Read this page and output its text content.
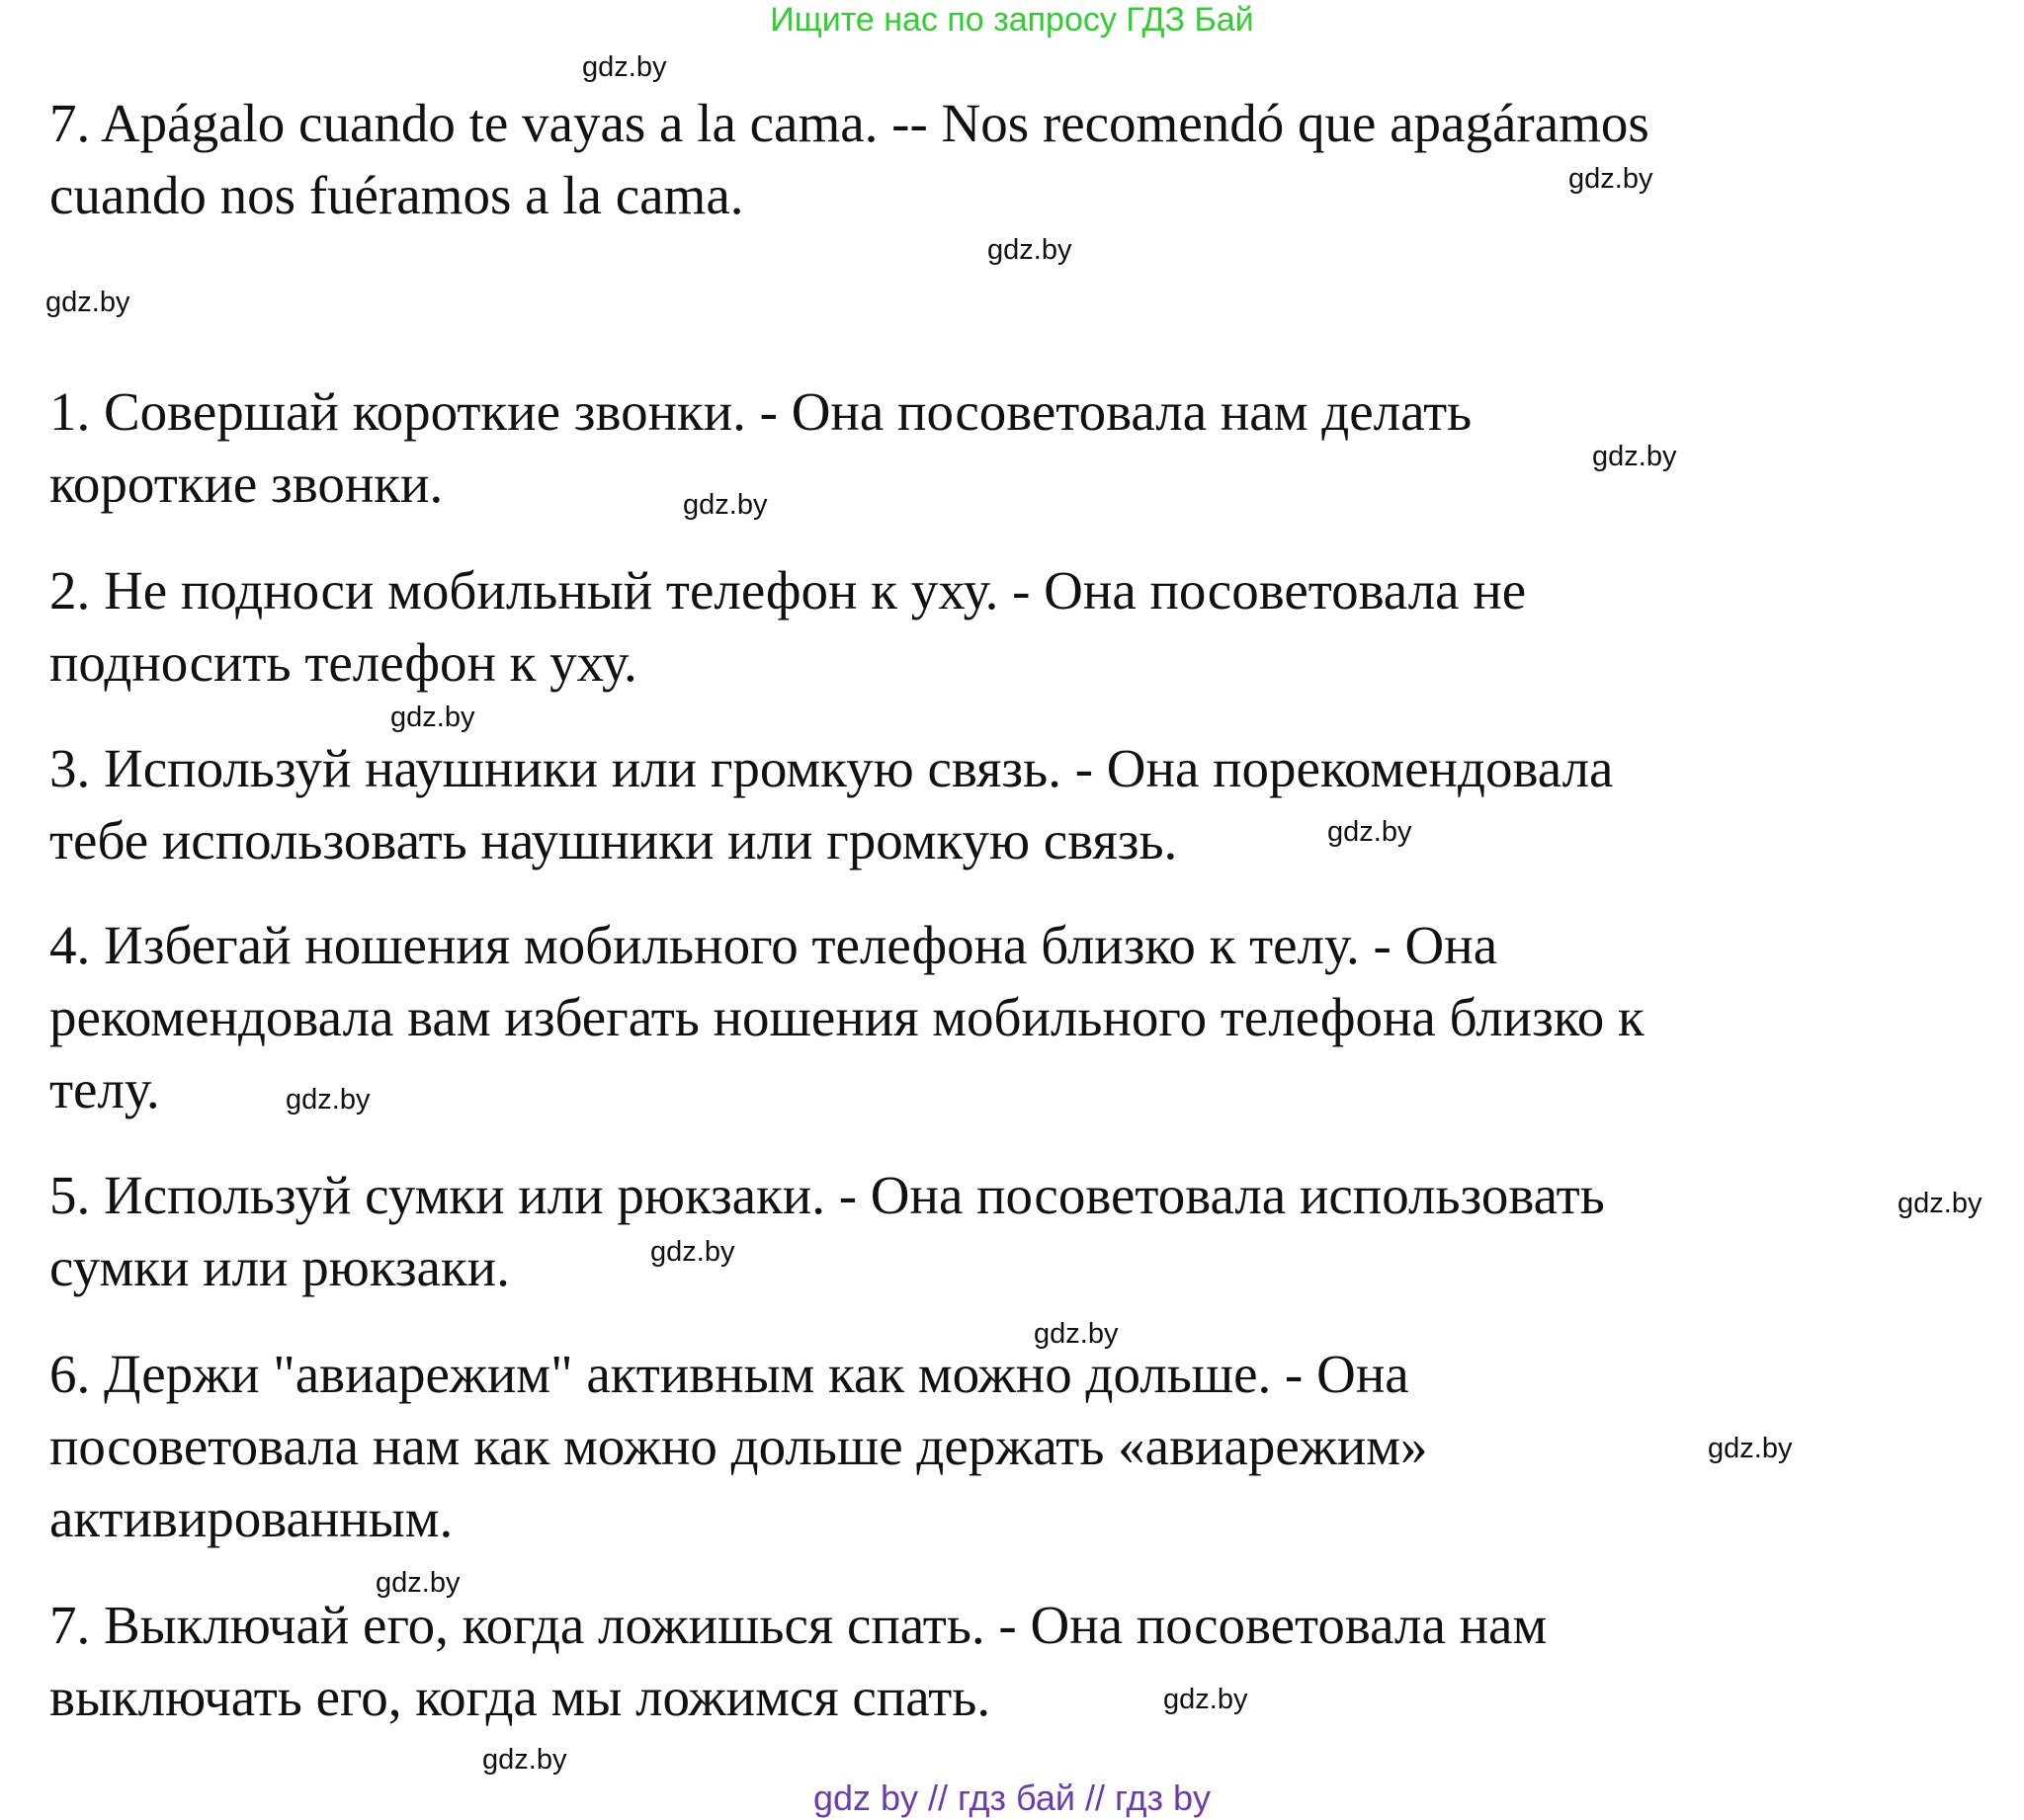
Ищите нас по запросу ГДЗ Бай
7. Apágalo cuando te vayas a la cama. -- Nos recomendó que apagáramos
cuando nos fuéramos a la cama.
1. Совершай короткие звонки. - Она посоветовала нам делать
короткие звонки.
2. Не подноси мобильный телефон к уху. - Она посоветовала не
подносить телефон к уху.
3. Используй наушники или громкую связь. - Она порекомендовала
тебе использовать наушники или громкую связь.
4. Избегай ношения мобильного телефона близко к телу. - Она
рекомендовала вам избегать ношения мобильного телефона близко к
телу.
5. Используй сумки или рюкзаки. - Она посоветовала использовать
сумки или рюкзаки.
6. Держи "авиарежим" активным как можно дольше. - Она
посоветовала нам как можно дольше держать «авиарежим»
активированным.
7. Выключай его, когда ложишься спать. - Она посоветовала нам
выключать его, когда мы ложимся спать.
gdz.by
gdz.by
gdz.by
gdz.by
gdz.by
gdz.by
gdz.by
gdz.by
gdz.by
gdz.by
gdz.by
gdz.by
gdz.by
gdz.by
gdz.by
gdz.by
gdz by // гдз бай // гдз by
